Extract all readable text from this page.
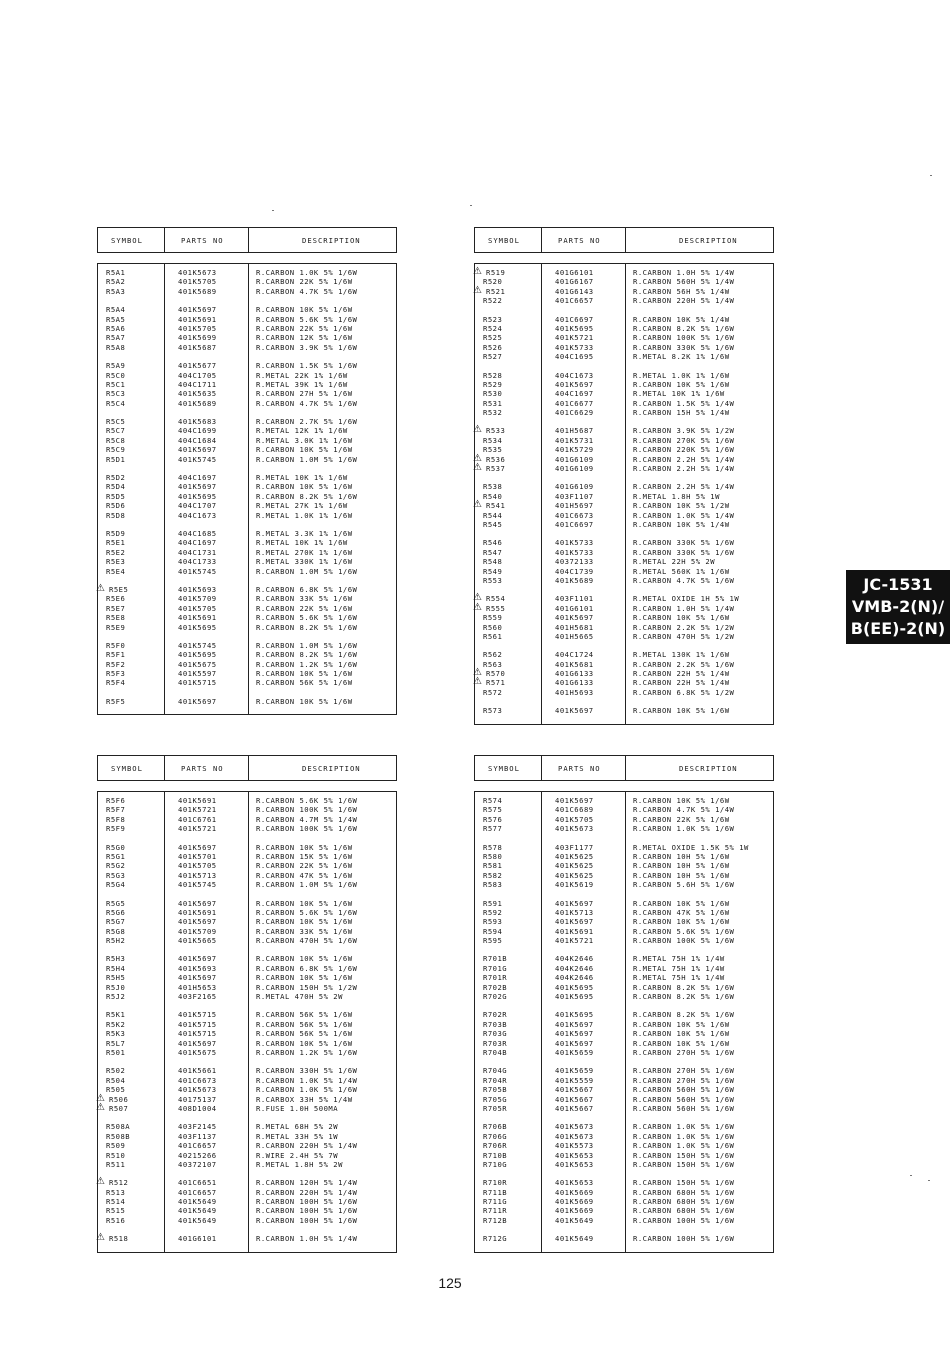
SYMBOL	PARTS NO	DESCRIPTION
R5A1	401K5673	R.CARBON 1.0K 5% 1/6W
R5A2	401K5705	R.CARBON 22K 5% 1/6W
R5A3	401K5689	R.CARBON 4.7K 5% 1/6W
R5A4	401K5697	R.CARBON 10K 5% 1/6W
R5A5	401K5691	R.CARBON 5.6K 5% 1/6W
R5A6	401K5705	R.CARBON 22K 5% 1/6W
R5A7	401K5699	R.CARBON 12K 5% 1/6W
R5A8	401K5687	R.CARBON 3.9K 5% 1/6W
R5A9	401K5677	R.CARBON 1.5K 5% 1/6W
R5C0	404C1705	R.METAL 22K 1% 1/6W
R5C1	404C1711	R.METAL 39K 1% 1/6W
R5C3	401K5635	R.CARBON 27H 5% 1/6W
R5C4	401K5689	R.CARBON 4.7K 5% 1/6W
R5C5	401K5683	R.CARBON 2.7K 5% 1/6W
R5C7	404C1699	R.METAL 12K 1% 1/6W
R5C8	404C1684	R.METAL 3.0K 1% 1/6W
R5C9	401K5697	R.CARBON 10K 5% 1/6W
R5D1	401K5745	R.CARBON 1.0M 5% 1/6W
R5D2	404C1697	R.METAL 10K 1% 1/6W
R5D4	401K5697	R.CARBON 10K 5% 1/6W
R5D5	401K5695	R.CARBON 8.2K 5% 1/6W
R5D6	404C1707	R.METAL 27K 1% 1/6W
R5D8	404C1673	R.METAL 1.0K 1% 1/6W
R5D9	404C1685	R.METAL 3.3K 1% 1/6W
R5E1	404C1697	R.METAL 10K 1% 1/6W
R5E2	404C1731	R.METAL 270K 1% 1/6W
R5E3	404C1733	R.METAL 330K 1% 1/6W
R5E4	401K5745	R.CARBON 1.0M 5% 1/6W
⚠ R5E5	401K5693	R.CARBON 6.8K 5% 1/6W
R5E6	401K5709	R.CARBON 33K 5% 1/6W
R5E7	401K5705	R.CARBON 22K 5% 1/6W
R5E8	401K5691	R.CARBON 5.6K 5% 1/6W
R5E9	401K5695	R.CARBON 8.2K 5% 1/6W
R5F0	401K5745	R.CARBON 1.0M 5% 1/6W
R5F1	401K5695	R.CARBON 8.2K 5% 1/6W
R5F2	401K5675	R.CARBON 1.2K 5% 1/6W
R5F3	401K5597	R.CARBON 10K 5% 1/6W
R5F4	401K5715	R.CARBON 56K 5% 1/6W
R5F5	401K5697	R.CARBON 10K 5% 1/6W
SYMBOL	PARTS NO	DESCRIPTION
⚠ R519	401G6101	R.CARBON 1.0H 5% 1/4W
R520	401G6167	R.CARBON 560H 5% 1/4W
⚠ R521	401G6143	R.CARBON 56H 5% 1/4W
R522	401C6657	R.CARBON 220H 5% 1/4W
R523	401C6697	R.CARBON 10K 5% 1/4W
R524	401K5695	R.CARBON 8.2K 5% 1/6W
R525	401K5721	R.CARBON 100K 5% 1/6W
R526	401K5733	R.CARBON 330K 5% 1/6W
R527	404C1695	R.METAL 8.2K 1% 1/6W
R528	404C1673	R.METAL 1.0K 1% 1/6W
R529	401K5697	R.CARBON 10K 5% 1/6W
R530	404C1697	R.METAL 10K 1% 1/6W
R531	401C6677	R.CARBON 1.5K 5% 1/4W
R532	401C6629	R.CARBON 15H 5% 1/4W
⚠ R533	401H5687	R.CARBON 3.9K 5% 1/2W
R534	401K5731	R.CARBON 270K 5% 1/6W
R535	401K5729	R.CARBON 220K 5% 1/6W
⚠ R536	401G6109	R.CARBON 2.2H 5% 1/4W
⚠ R537	401G6109	R.CARBON 2.2H 5% 1/4W
R538	401G6109	R.CARBON 2.2H 5% 1/4W
R540	403F1107	R.METAL 1.8H 5% 1W
⚠ R541	401H5697	R.CARBON 10K 5% 1/2W
R544	401C6673	R.CARBON 1.0K 5% 1/4W
R545	401C6697	R.CARBON 10K 5% 1/4W
R546	401K5733	R.CARBON 330K 5% 1/6W
R547	401K5733	R.CARBON 330K 5% 1/6W
R548	40372133	R.METAL 22H 5% 2W
R549	404C1739	R.METAL 560K 1% 1/6W
R553	401K5689	R.CARBON 4.7K 5% 1/6W
⚠ R554	403F1101	R.METAL OXIDE 1H 5% 1W
⚠ R555	401G6101	R.CARBON 1.0H 5% 1/4W
R559	401K5697	R.CARBON 10K 5% 1/6W
R560	401H5681	R.CARBON 2.2K 5% 1/2W
R561	401H5665	R.CARBON 470H 5% 1/2W
R562	404C1724	R.METAL 130K 1% 1/6W
R563	401K5681	R.CARBON 2.2K 5% 1/6W
⚠ R570	401G6133	R.CARBON 22H 5% 1/4W
⚠ R571	401G6133	R.CARBON 22H 5% 1/4W
R572	401H5693	R.CARBON 6.8K 5% 1/2W
R573	401K5697	R.CARBON 10K 5% 1/6W
SYMBOL	PARTS NO	DESCRIPTION
R5F6	401K5691	R.CARBON 5.6K 5% 1/6W
R5F7	401K5721	R.CARBON 100K 5% 1/6W
R5F8	401C6761	R.CARBON 4.7M 5% 1/4W
R5F9	401K5721	R.CARBON 100K 5% 1/6W
R5G0	401K5697	R.CARBON 10K 5% 1/6W
R5G1	401K5701	R.CARBON 15K 5% 1/6W
R5G2	401K5705	R.CARBON 22K 5% 1/6W
R5G3	401K5713	R.CARBON 47K 5% 1/6W
R5G4	401K5745	R.CARBON 1.0M 5% 1/6W
R5G5	401K5697	R.CARBON 10K 5% 1/6W
R5G6	401K5691	R.CARBON 5.6K 5% 1/6W
R5G7	401K5697	R.CARBON 10K 5% 1/6W
R5G8	401K5709	R.CARBON 33K 5% 1/6W
R5H2	401K5665	R.CARBON 470H 5% 1/6W
R5H3	401K5697	R.CARBON 10K 5% 1/6W
R5H4	401K5693	R.CARBON 6.8K 5% 1/6W
R5H5	401K5697	R.CARBON 10K 5% 1/6W
R5J0	401H5653	R.CARBON 150H 5% 1/2W
R5J2	403F2165	R.METAL 470H 5% 2W
R5K1	401K5715	R.CARBON 56K 5% 1/6W
R5K2	401K5715	R.CARBON 56K 5% 1/6W
R5K3	401K5715	R.CARBON 56K 5% 1/6W
R5L7	401K5697	R.CARBON 10K 5% 1/6W
R501	401K5675	R.CARBON 1.2K 5% 1/6W
R502	401K5661	R.CARBON 330H 5% 1/6W
R504	401C6673	R.CARBON 1.0K 5% 1/4W
R505	401K5673	R.CARBON 1.0K 5% 1/6W
⚠ R506	40175137	R.CARBOX 33H 5% 1/4W
⚠ R507	408D1004	R.FUSE 1.0H 500MA
R508A	403F2145	R.METAL 68H 5% 2W
R508B	403F1137	R.METAL 33H 5% 1W
R509	401C6657	R.CARBON 220H 5% 1/4W
R510	40215266	R.WIRE 2.4H 5% 7W
R511	40372107	R.METAL 1.8H 5% 2W
⚠ R512	401C6651	R.CARBON 120H 5% 1/4W
R513	401C6657	R.CARBON 220H 5% 1/4W
R514	401K5649	R.CARBON 100H 5% 1/6W
R515	401K5649	R.CARBON 100H 5% 1/6W
R516	401K5649	R.CARBON 100H 5% 1/6W
⚠ R518	401G6101	R.CARBON 1.0H 5% 1/4W
SYMBOL	PARTS NO	DESCRIPTION
R574	401K5697	R.CARBON 10K 5% 1/6W
R575	401C6689	R.CARBON 4.7K 5% 1/4W
R576	401K5705	R.CARBON 22K 5% 1/6W
R577	401K5673	R.CARBON 1.0K 5% 1/6W
R578	403F1177	R.METAL OXIDE 1.5K 5% 1W
R580	401K5625	R.CARBON 10H 5% 1/6W
R581	401K5625	R.CARBON 10H 5% 1/6W
R582	401K5625	R.CARBON 10H 5% 1/6W
R583	401K5619	R.CARBON 5.6H 5% 1/6W
R591	401K5697	R.CARBON 10K 5% 1/6W
R592	401K5713	R.CARBON 47K 5% 1/6W
R593	401K5697	R.CARBON 10K 5% 1/6W
R594	401K5691	R.CARBON 5.6K 5% 1/6W
R595	401K5721	R.CARBON 100K 5% 1/6W
R701B	404K2646	R.METAL 75H 1% 1/4W
R701G	404K2646	R.METAL 75H 1% 1/4W
R701R	404K2646	R.METAL 75H 1% 1/4W
R702B	401K5695	R.CARBON 8.2K 5% 1/6W
R702G	401K5695	R.CARBON 8.2K 5% 1/6W
R702R	401K5695	R.CARBON 8.2K 5% 1/6W
R703B	401K5697	R.CARBON 10K 5% 1/6W
R703G	401K5697	R.CARBON 10K 5% 1/6W
R703R	401K5697	R.CARBON 10K 5% 1/6W
R704B	401K5659	R.CARBON 270H 5% 1/6W
R704G	401K5659	R.CARBON 270H 5% 1/6W
R704R	401K5559	R.CARBON 270H 5% 1/6W
R705B	401K5667	R.CARBON 560H 5% 1/6W
R705G	401K5667	R.CARBON 560H 5% 1/6W
R705R	401K5667	R.CARBON 560H 5% 1/6W
R706B	401K5673	R.CARBON 1.0K 5% 1/6W
R706G	401K5673	R.CARBON 1.0K 5% 1/6W
R706R	401K5573	R.CARBON 1.0K 5% 1/6W
R710B	401K5653	R.CARBON 150H 5% 1/6W
R710G	401K5653	R.CARBON 150H 5% 1/6W
R710R	401K5653	R.CARBON 150H 5% 1/6W
R711B	401K5669	R.CARBON 680H 5% 1/6W
R711G	401K5669	R.CARBON 680H 5% 1/6W
R711R	401K5669	R.CARBON 680H 5% 1/6W
R712B	401K5649	R.CARBON 100H 5% 1/6W
R712G	401K5649	R.CARBON 100H 5% 1/6W
JC-1531
VMB-2(N)/
B(EE)-2(N)
125
